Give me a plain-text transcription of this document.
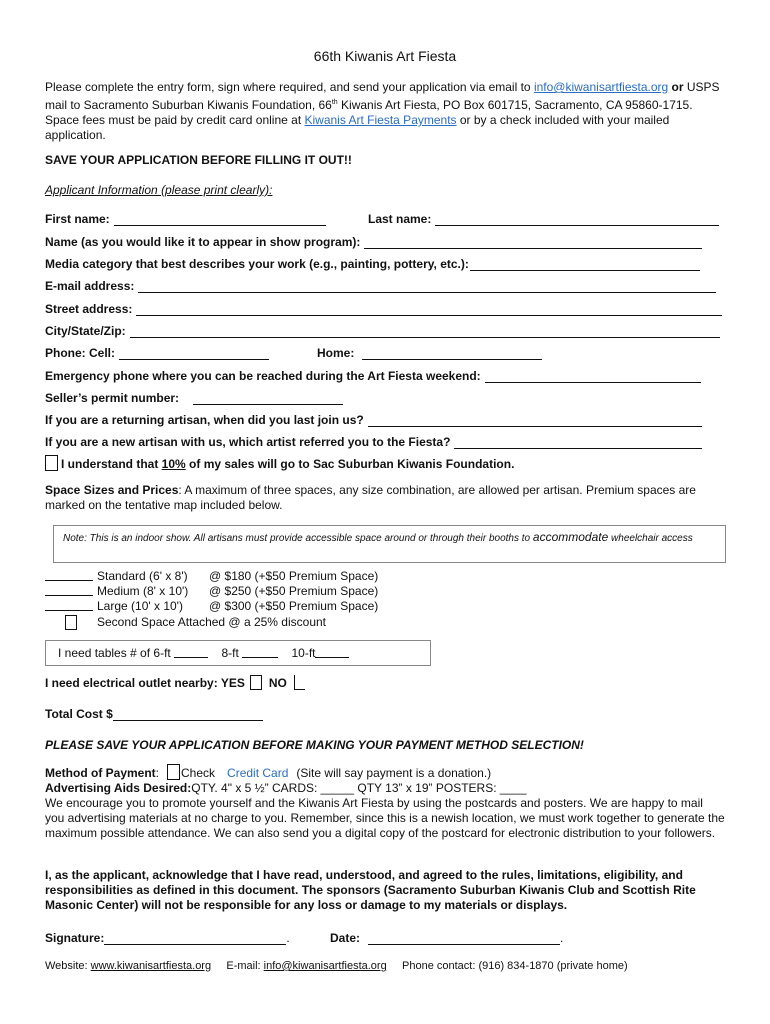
66th Kiwanis Art Fiesta
Please complete the entry form, sign where required, and send your application via email to info@kiwanisartfiesta.org or USPS mail to Sacramento Suburban Kiwanis Foundation, 66th Kiwanis Art Fiesta, PO Box 601715, Sacramento, CA 95860-1715. Space fees must be paid by credit card online at Kiwanis Art Fiesta Payments or by a check included with your mailed application.
SAVE YOUR APPLICATION BEFORE FILLING IT OUT!!
Applicant Information (please print clearly):
First name:	Last name:
Name (as you would like it to appear in show program):
Media category that best describes your work (e.g., painting, pottery, etc.):
E-mail address:
Street address:
City/State/Zip:
Phone: Cell:	Home:
Emergency phone where you can be reached during the Art Fiesta weekend:
Seller’s permit number:
If you are a returning artisan, when did you last join us?
If you are a new artisan with us, which artist referred you to the Fiesta?
I understand that 10% of my sales will go to Sac Suburban Kiwanis Foundation.
Space Sizes and Prices: A maximum of three spaces, any size combination, are allowed per artisan. Premium spaces are marked on the tentative map included below.
Note: This is an indoor show. All artisans must provide accessible space around or through their booths to accommodate wheelchair access
Standard (6' x 8')	@ $180 (+$50 Premium Space)
Medium (8' x 10')	@ $250 (+$50 Premium Space)
Large (10' x 10')	@ $300 (+$50 Premium Space)
Second Space Attached @ a 25% discount
I need tables # of 6-ft	8-ft	10-ft
I need electrical outlet nearby : YES NO
Total Cost $
PLEASE SAVE YOUR APPLICATION BEFORE MAKING YOUR PAYMENT METHOD SELECTION!
Method of Payment : Check Credit Card (Site will say payment is a donation.)
Advertising Aids Desired: QTY. 4" x 5 ½” CARDS: _____ QTY 13” x 19” POSTERS: ____
We encourage you to promote yourself and the Kiwanis Art Fiesta by using the postcards and posters. We are happy to mail you advertising materials at no charge to you. Remember, since this is a newish location, we must work together to generate the maximum possible attendance. We can also send you a digital copy of the postcard for electronic distribution to your followers.
I, as the applicant, acknowledge that I have read, understood, and agreed to the rules, limitations, eligibility, and responsibilities as defined in this document. The sponsors (Sacramento Suburban Kiwanis Club and Scottish Rite Masonic Center) will not be responsible for any loss or damage to my materials or displays.
Signature:	.	Date:	.
Website: www.kiwanisartfiesta.org E-mail: info@kiwanisartfiesta.org Phone contact: (916) 834-1870 (private home)
